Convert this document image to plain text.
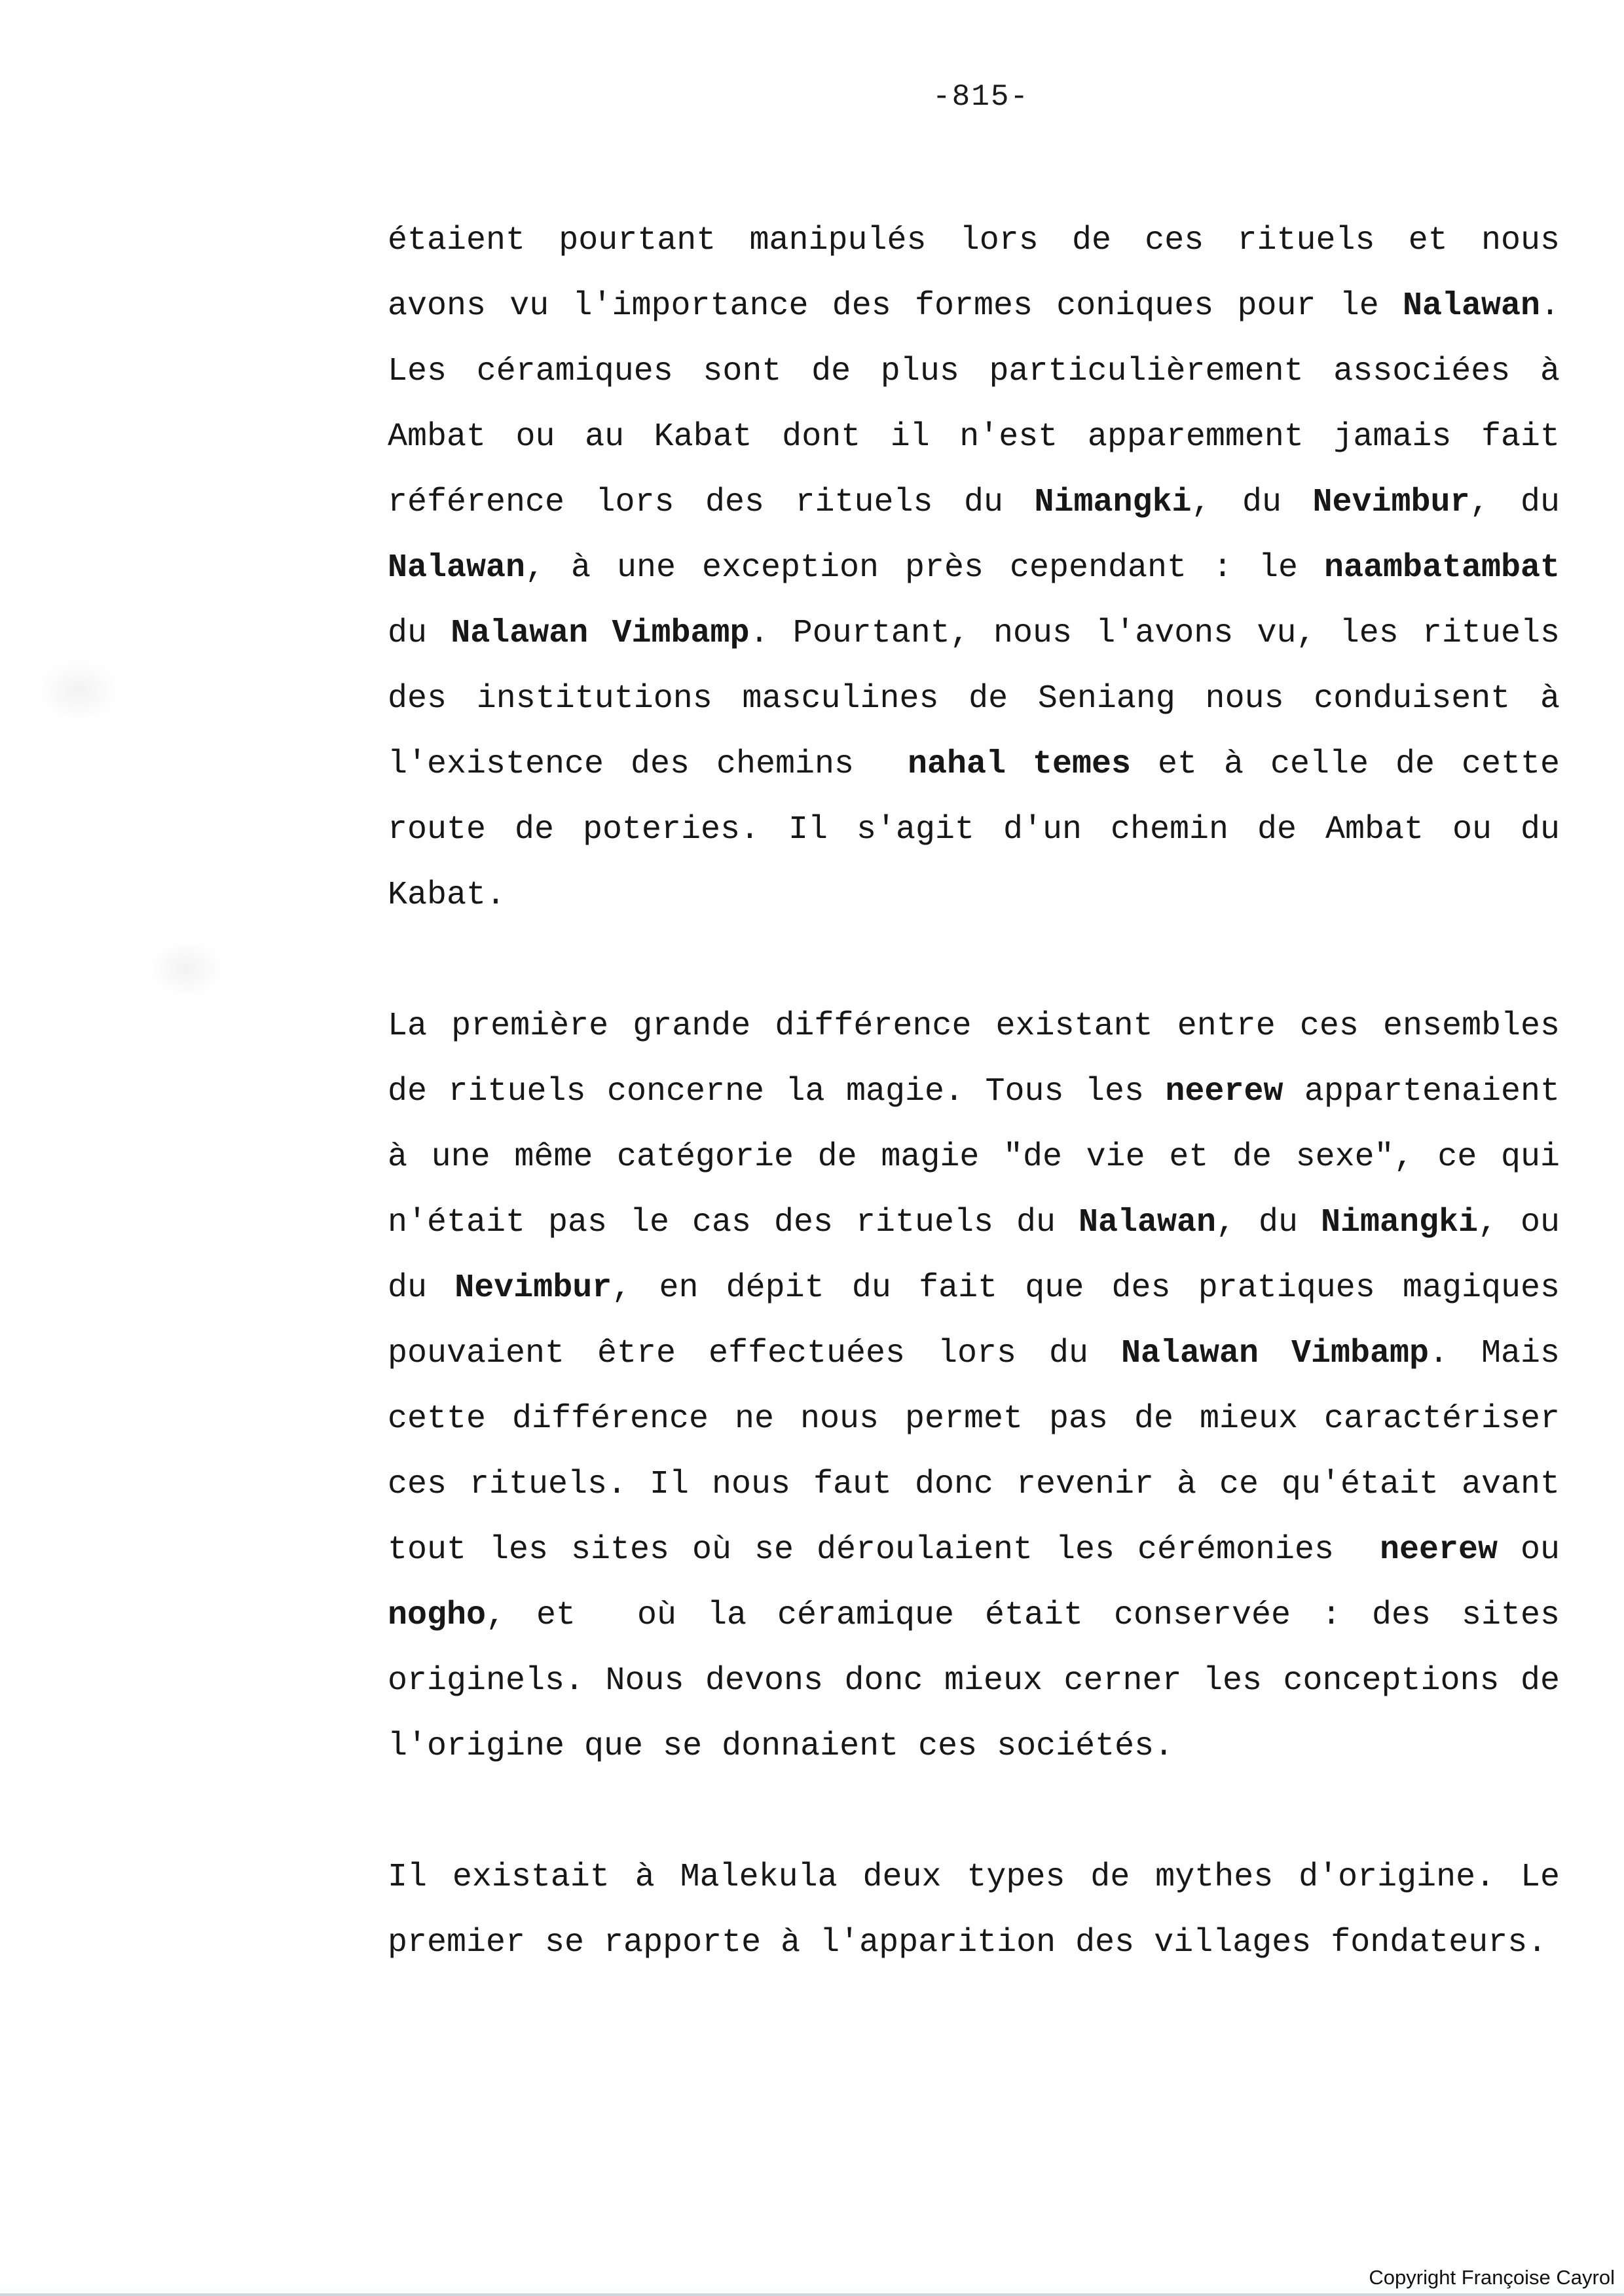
-815-
étaient pourtant manipulés lors de ces rituels et nous
avons vu l'importance des formes coniques pour le Nalawan.
Les céramiques sont de plus particulièrement associées à
Ambat ou au Kabat dont il n'est apparemment jamais fait
référence lors des rituels du Nimangki, du Nevimbur, du
Nalawan, à une exception près cependant : le naambatambat
du Nalawan Vimbamp. Pourtant, nous l'avons vu, les rituels
des institutions masculines de Seniang nous conduisent à
l'existence des chemins  nahal temes et à celle de cette
route de poteries. Il s'agit d'un chemin de Ambat ou du
Kabat.
La première grande différence existant entre ces ensembles
de rituels concerne la magie. Tous les neerew appartenaient
à une même catégorie de magie "de vie et de sexe", ce qui
n'était pas le cas des rituels du Nalawan, du Nimangki, ou
du Nevimbur, en dépit du fait que des pratiques magiques
pouvaient être effectuées lors du Nalawan Vimbamp. Mais
cette différence ne nous permet pas de mieux caractériser
ces rituels. Il nous faut donc revenir à ce qu'était avant
tout les sites où se déroulaient les cérémonies  neerew ou
nogho, et  où la céramique était conservée : des sites
originels. Nous devons donc mieux cerner les conceptions de
l'origine que se donnaient ces sociétés.
Il existait à Malekula deux types de mythes d'origine. Le
premier se rapporte à l'apparition des villages fondateurs.
Copyright Françoise Cayrol
